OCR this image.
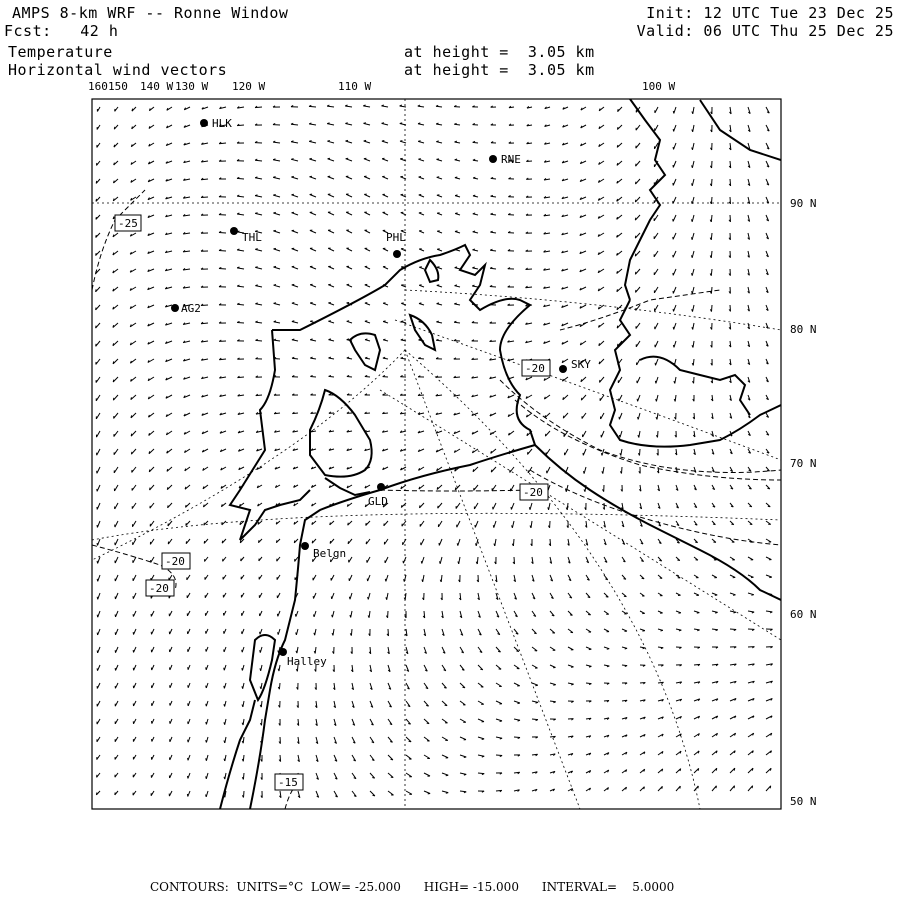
AMPS 8-km WRF -- Ronne Window
Fcst:   42 h
Temperature
Horizontal wind vectors
at height =  3.05 km
at height =  3.05 km
Init: 12 UTC Tue 23 Dec 25
Valid: 06 UTC Thu 25 Dec 25
160 150 140 W 130 W 120 W	110 W	100 W
90 N
80 N
70 N
60 N
50 N
HLK
RNE
THL	PHL
AG2
SKY
GLD
Belgn
Halley
-25
-20
-20
-20
-20
-15
CONTOURS:  UNITS=°C  LOW= -25.000      HIGH= -15.000      INTERVAL=    5.0000
